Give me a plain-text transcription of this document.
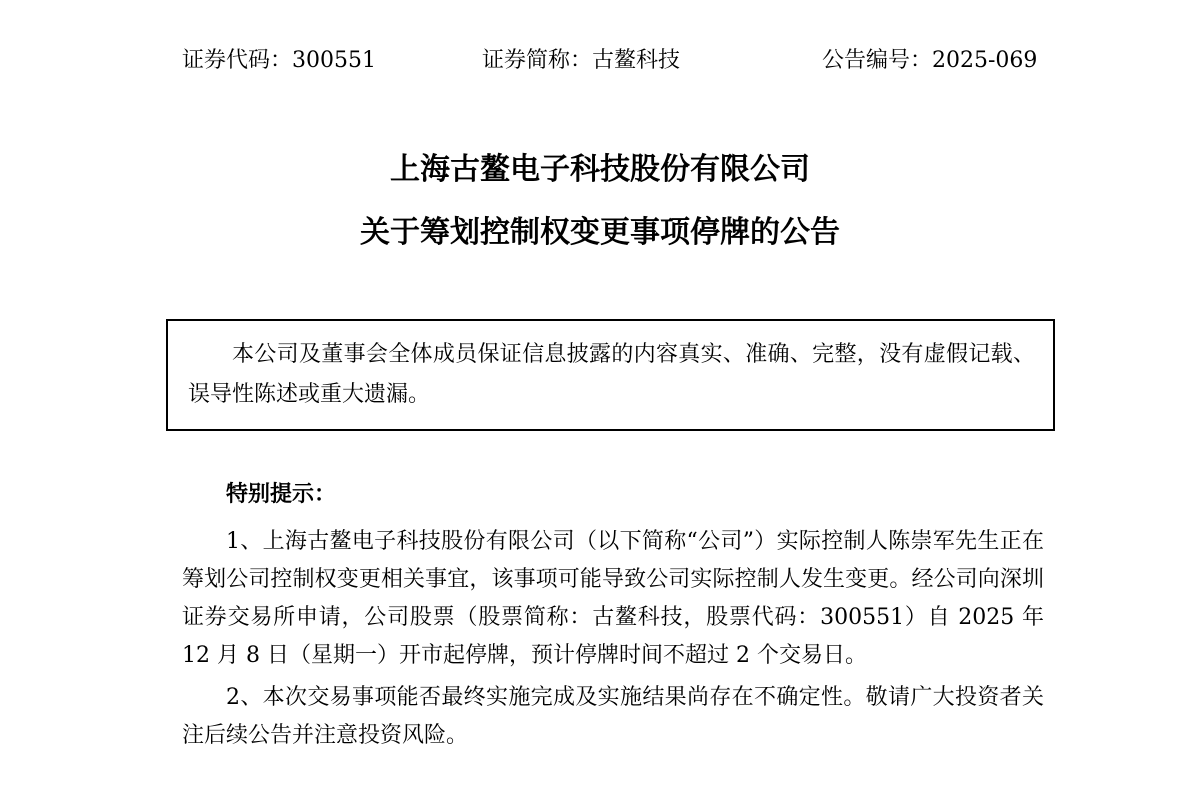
证券代码：300551	证券简称：古鳌科技	公告编号：2025-069
上海古鳌电子科技股份有限公司
关于筹划控制权变更事项停牌的公告

本公司及董事会全体成员保证信息披露的内容真实、准确、完整，没有虚假记载、误导性陈述或重大遗漏。

特别提示：

1、上海古鳌电子科技股份有限公司（以下简称“公司”）实际控制人陈崇军先生正在筹划公司控制权变更相关事宜，该事项可能导致公司实际控制人发生变更。经公司向深圳证券交易所申请，公司股票（股票简称：古鳌科技，股票代码：300551）自 2025 年 12 月 8 日（星期一）开市起停牌，预计停牌时间不超过 2 个交易日。

2、本次交易事项能否最终实施完成及实施结果尚存在不确定性。敬请广大投资者关注后续公告并注意投资风险。
